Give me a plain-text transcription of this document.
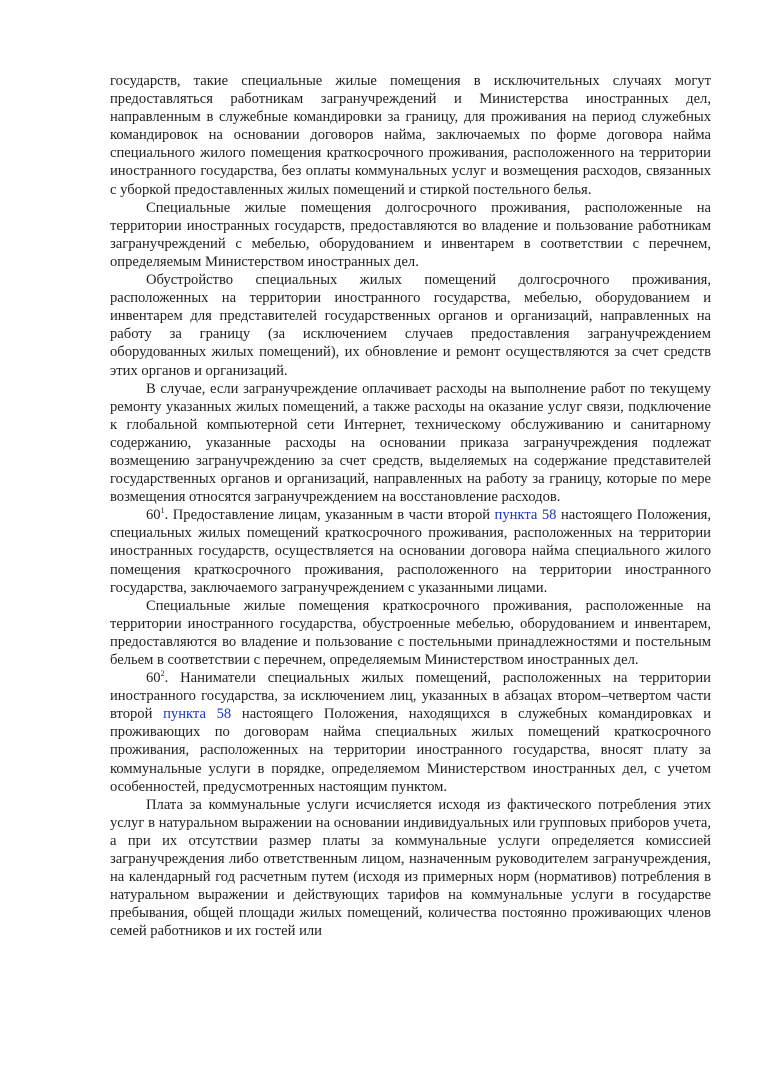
государств, такие специальные жилые помещения в исключительных случаях могут предоставляться работникам загранучреждений и Министерства иностранных дел, направленным в служебные командировки за границу, для проживания на период служебных командировок на основании договоров найма, заключаемых по форме договора найма специального жилого помещения краткосрочного проживания, расположенного на территории иностранного государства, без оплаты коммунальных услуг и возмещения расходов, связанных с уборкой предоставленных жилых помещений и стиркой постельного белья.

Специальные жилые помещения долгосрочного проживания, расположенные на территории иностранных государств, предоставляются во владение и пользование работникам загранучреждений с мебелью, оборудованием и инвентарем в соответствии с перечнем, определяемым Министерством иностранных дел.

Обустройство специальных жилых помещений долгосрочного проживания, расположенных на территории иностранного государства, мебелью, оборудованием и инвентарем для представителей государственных органов и организаций, направленных на работу за границу (за исключением случаев предоставления загранучреждением оборудованных жилых помещений), их обновление и ремонт осуществляются за счет средств этих органов и организаций.

В случае, если загранучреждение оплачивает расходы на выполнение работ по текущему ремонту указанных жилых помещений, а также расходы на оказание услуг связи, подключение к глобальной компьютерной сети Интернет, техническому обслуживанию и санитарному содержанию, указанные расходы на основании приказа загранучреждения подлежат возмещению загранучреждению за счет средств, выделяемых на содержание представителей государственных органов и организаций, направленных на работу за границу, которые по мере возмещения относятся загранучреждением на восстановление расходов.

$60^1$. Предоставление лицам, указанным в части второй пункта 58 настоящего Положения, специальных жилых помещений краткосрочного проживания, расположенных на территории иностранных государств, осуществляется на основании договора найма специального жилого помещения краткосрочного проживания, расположенного на территории иностранного государства, заключаемого загранучреждением с указанными лицами.

Специальные жилые помещения краткосрочного проживания, расположенные на территории иностранного государства, обустроенные мебелью, оборудованием и инвентарем, предоставляются во владение и пользование с постельными принадлежностями и постельным бельем в соответствии с перечнем, определяемым Министерством иностранных дел.

$60^2$. Наниматели специальных жилых помещений, расположенных на территории иностранного государства, за исключением лиц, указанных в абзацах втором–четвертом части второй пункта 58 настоящего Положения, находящихся в служебных командировках и проживающих по договорам найма специальных жилых помещений краткосрочного проживания, расположенных на территории иностранного государства, вносят плату за коммунальные услуги в порядке, определяемом Министерством иностранных дел, с учетом особенностей, предусмотренных настоящим пунктом.

Плата за коммунальные услуги исчисляется исходя из фактического потребления этих услуг в натуральном выражении на основании индивидуальных или групповых приборов учета, а при их отсутствии размер платы за коммунальные услуги определяется комиссией загранучреждения либо ответственным лицом, назначенным руководителем загранучреждения, на календарный год расчетным путем (исходя из примерных норм (нормативов) потребления в натуральном выражении и действующих тарифов на коммунальные услуги в государстве пребывания, общей площади жилых помещений, количества постоянно проживающих членов семей работников и их гостей или
